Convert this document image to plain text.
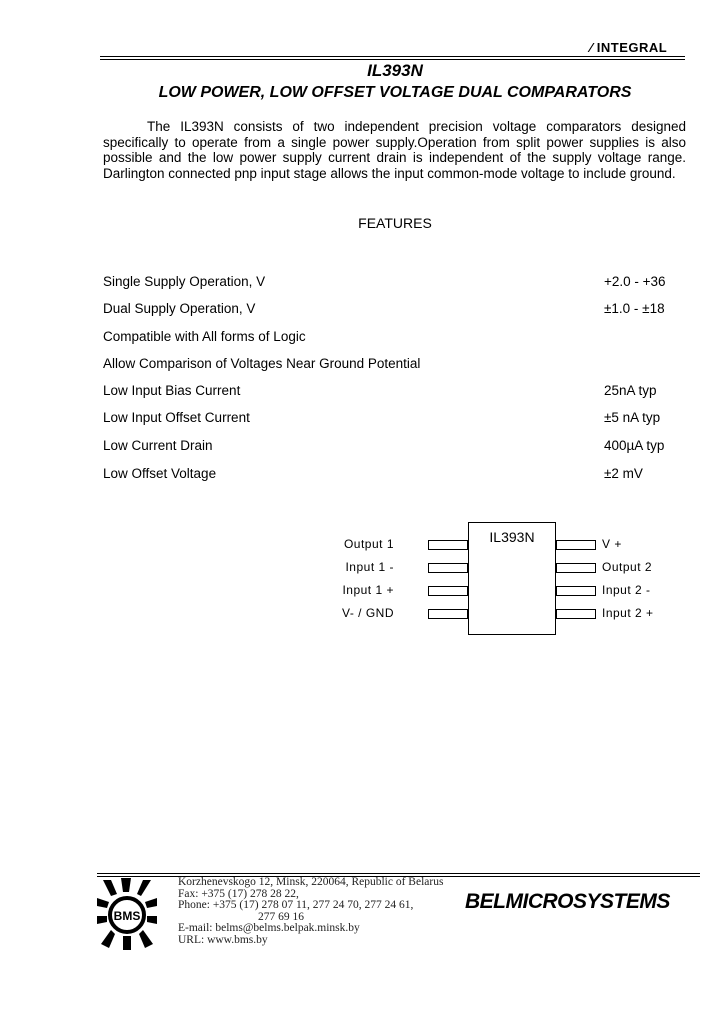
⁄ INTEGRAL
IL393N
LOW POWER, LOW OFFSET VOLTAGE DUAL COMPARATORS
The IL393N consists of two independent precision voltage comparators designed specifically to operate from a single power supply.Operation from split power supplies is also possible and the low power supply current drain is independent of the supply voltage range. Darlington connected pnp input stage allows the input common-mode voltage to include ground.
FEATURES
Single Supply Operation, V	+2.0 - +36
Dual Supply Operation, V	±1.0 - ±18
Compatible with All forms of Logic
Allow Comparison of Voltages Near Ground Potential
Low Input Bias Current	25nA typ
Low Input Offset Current	±5 nA typ
Low Current Drain	400µA typ
Low Offset Voltage	±2 mV
IL393N
Output 1	V +
Input 1 -	Output 2
Input 1 +	Input 2 -
V- / GND	Input 2 +
BMS
Korzhenevskogo 12, Minsk, 220064, Republic of Belarus
Fax: +375 (17) 278 28 22,
Phone: +375 (17) 278 07 11, 277 24 70, 277 24 61,
277 69 16
E-mail: belms@belms.belpak.minsk.by
URL: www.bms.by
BELMICROSYSTEMS
